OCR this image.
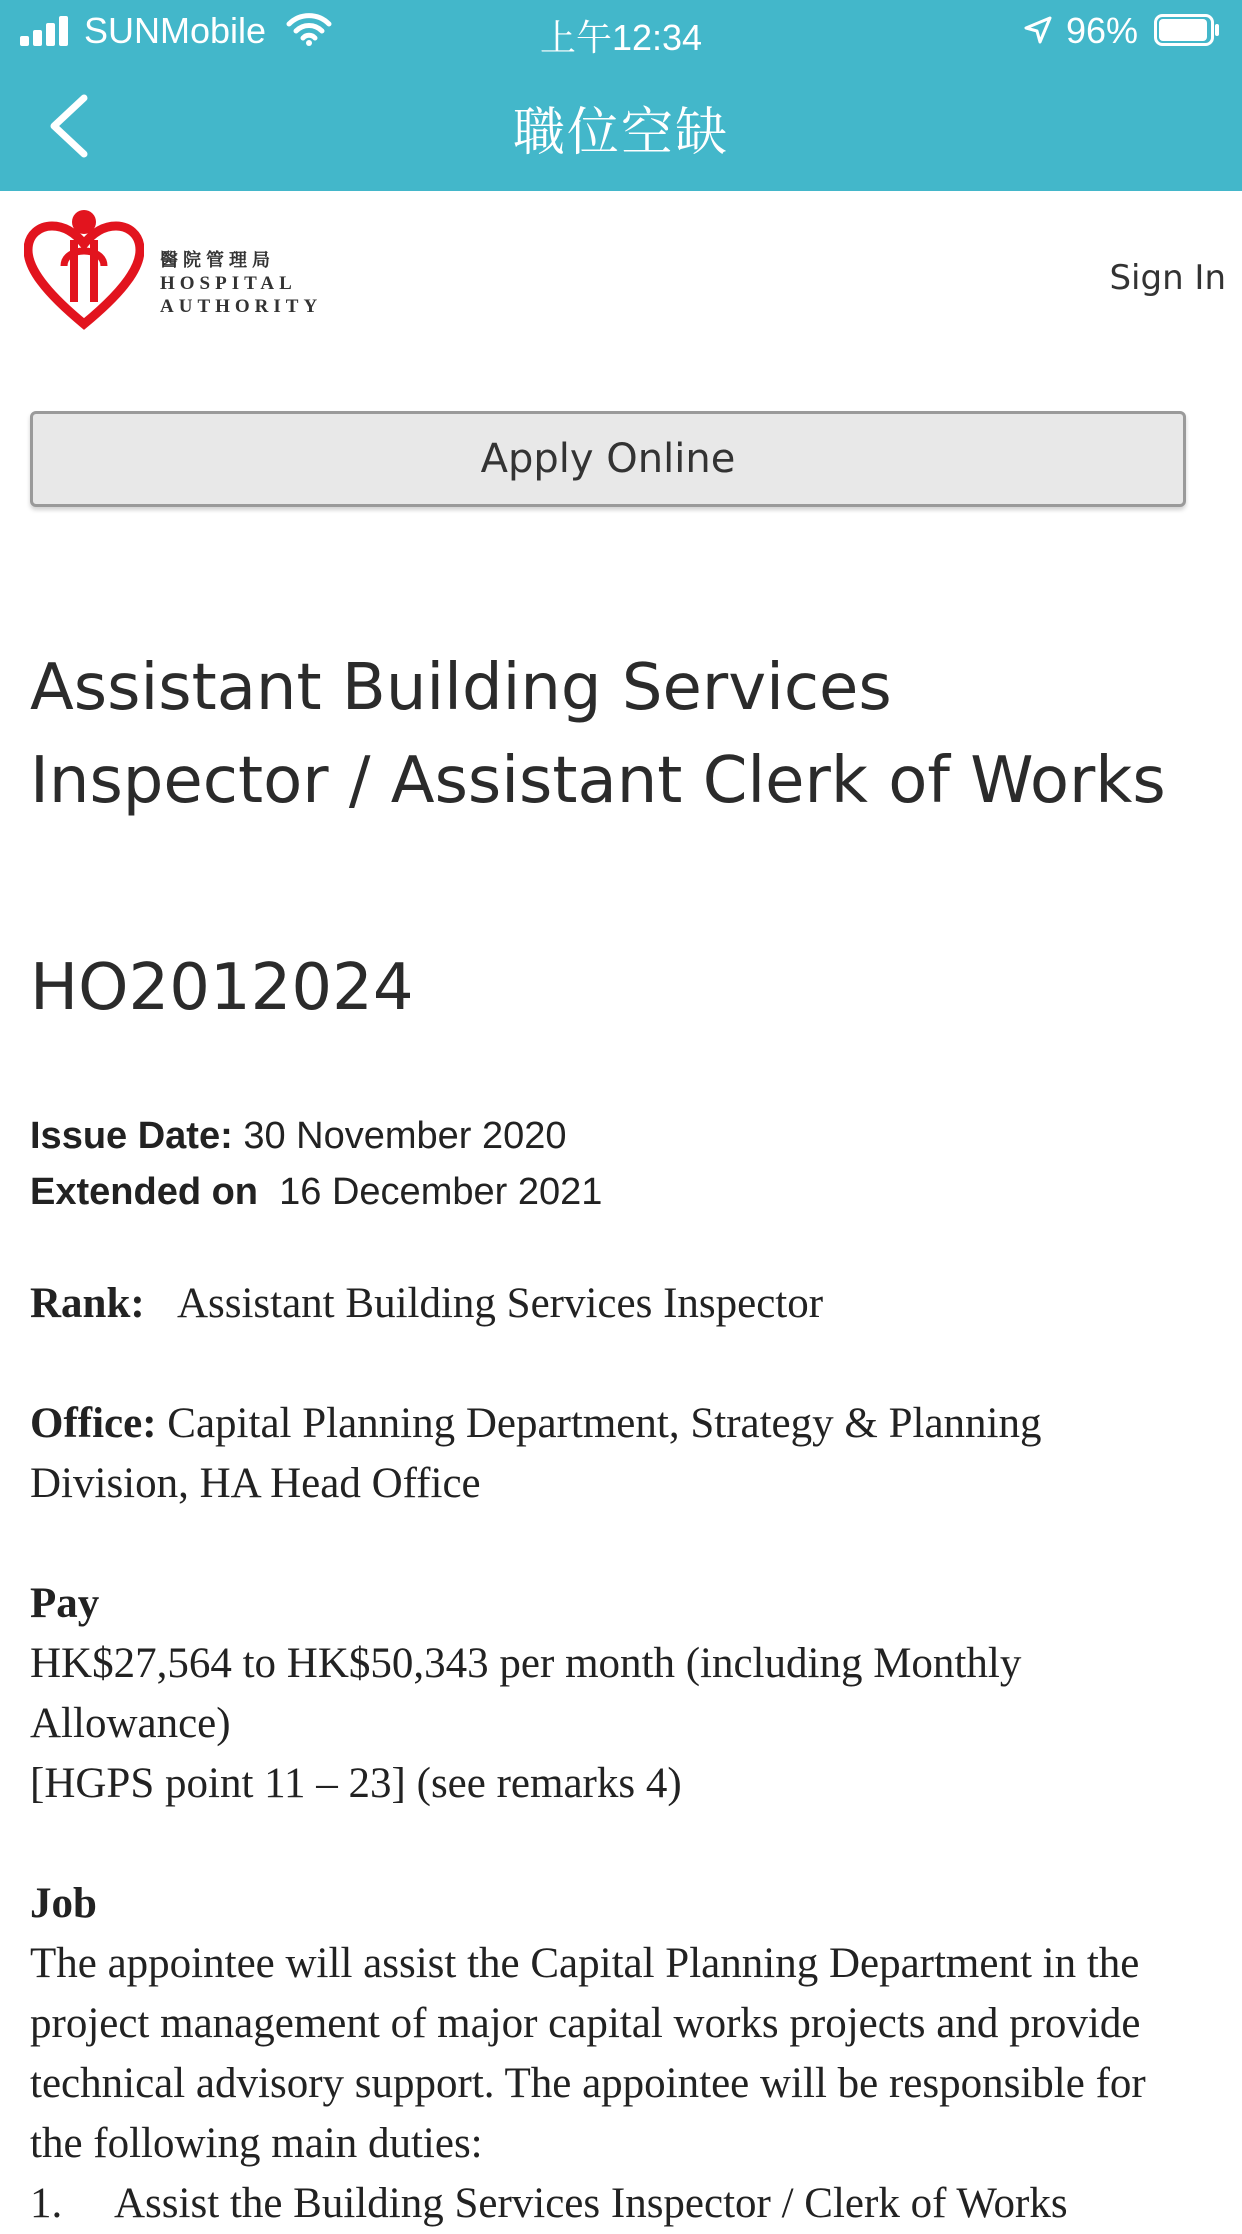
SUNMobile	上午12:34	96%
職位空缺
醫院管理局
HOSPITAL
AUTHORITY
Sign In
Apply Online
Assistant Building Services Inspector / Assistant Clerk of Works
HO2012024
Issue Date: 30 November 2020
Extended on 16 December 2021
Rank: Assistant Building Services Inspector
Office: Capital Planning Department, Strategy & Planning Division, HA Head Office
Pay
HK$27,564 to HK$50,343 per month (including Monthly Allowance)
[HGPS point 11 – 23] (see remarks 4)
Job
The appointee will assist the Capital Planning Department in the project management of major capital works projects and provide technical advisory support. The appointee will be responsible for the following main duties:
1. Assist the Building Services Inspector / Clerk of Works
